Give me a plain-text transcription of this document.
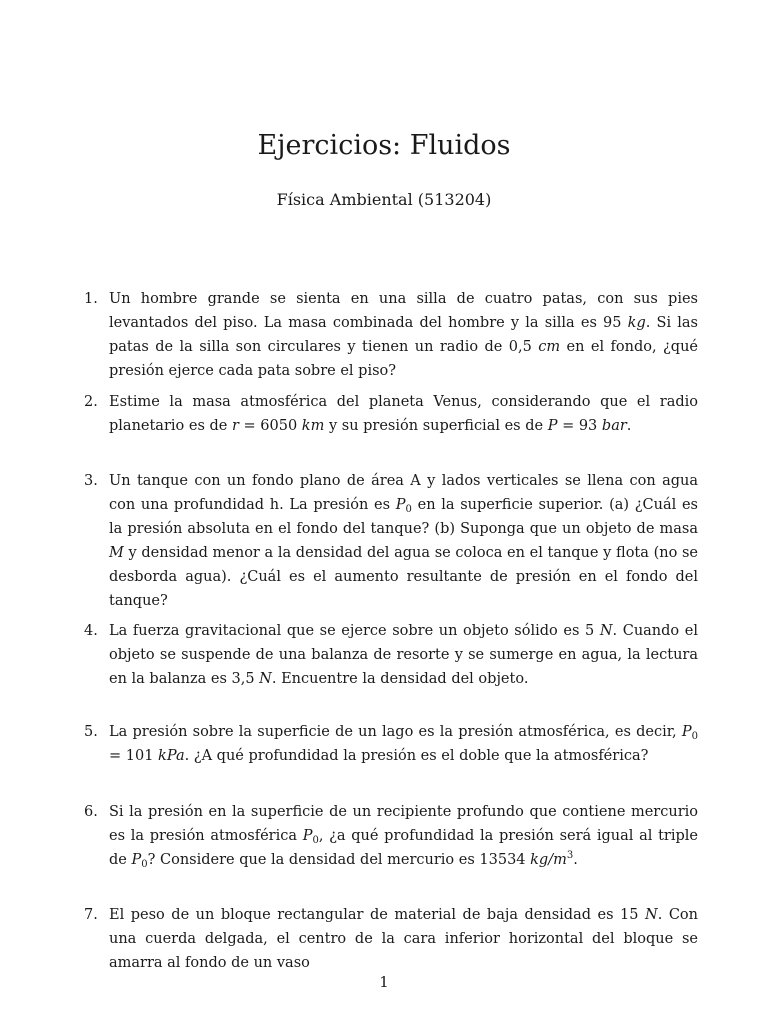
Ejercicios: Fluidos
Física Ambiental (513204)
1. Un hombre grande se sienta en una silla de cuatro patas, con sus pies levantados del piso. La masa combinada del hombre y la silla es 95 kg. Si las patas de la silla son circulares y tienen un radio de 0,5 cm en el fondo, ¿qué presión ejerce cada pata sobre el piso?
2. Estime la masa atmosférica del planeta Venus, considerando que el radio planetario es de r = 6050 km y su presión superficial es de P = 93 bar.
3. Un tanque con un fondo plano de área A y lados verticales se llena con agua con una profundidad h. La presión es $P_0$ en la superficie superior. (a) ¿Cuál es la presión absoluta en el fondo del tanque? (b) Suponga que un objeto de masa M y densidad menor a la densidad del agua se coloca en el tanque y flota (no se desborda agua). ¿Cuál es el aumento resultante de presión en el fondo del tanque?
4. La fuerza gravitacional que se ejerce sobre un objeto sólido es 5 N. Cuando el objeto se suspende de una balanza de resorte y se sumerge en agua, la lectura en la balanza es 3,5 N. Encuentre la densidad del objeto.
5. La presión sobre la superficie de un lago es la presión atmosférica, es decir, $P_0 = 101$ kPa. ¿A qué profundidad la presión es el doble que la atmosférica?
6. Si la presión en la superficie de un recipiente profundo que contiene mercurio es la presión atmosférica $P_0$, ¿a qué profundidad la presión será igual al triple de $P_0$? Considere que la densidad del mercurio es 13534 $kg/m^3$.
7. El peso de un bloque rectangular de material de baja densidad es 15 N. Con una cuerda delgada, el centro de la cara inferior horizontal del bloque se amarra al fondo de un vaso
1
